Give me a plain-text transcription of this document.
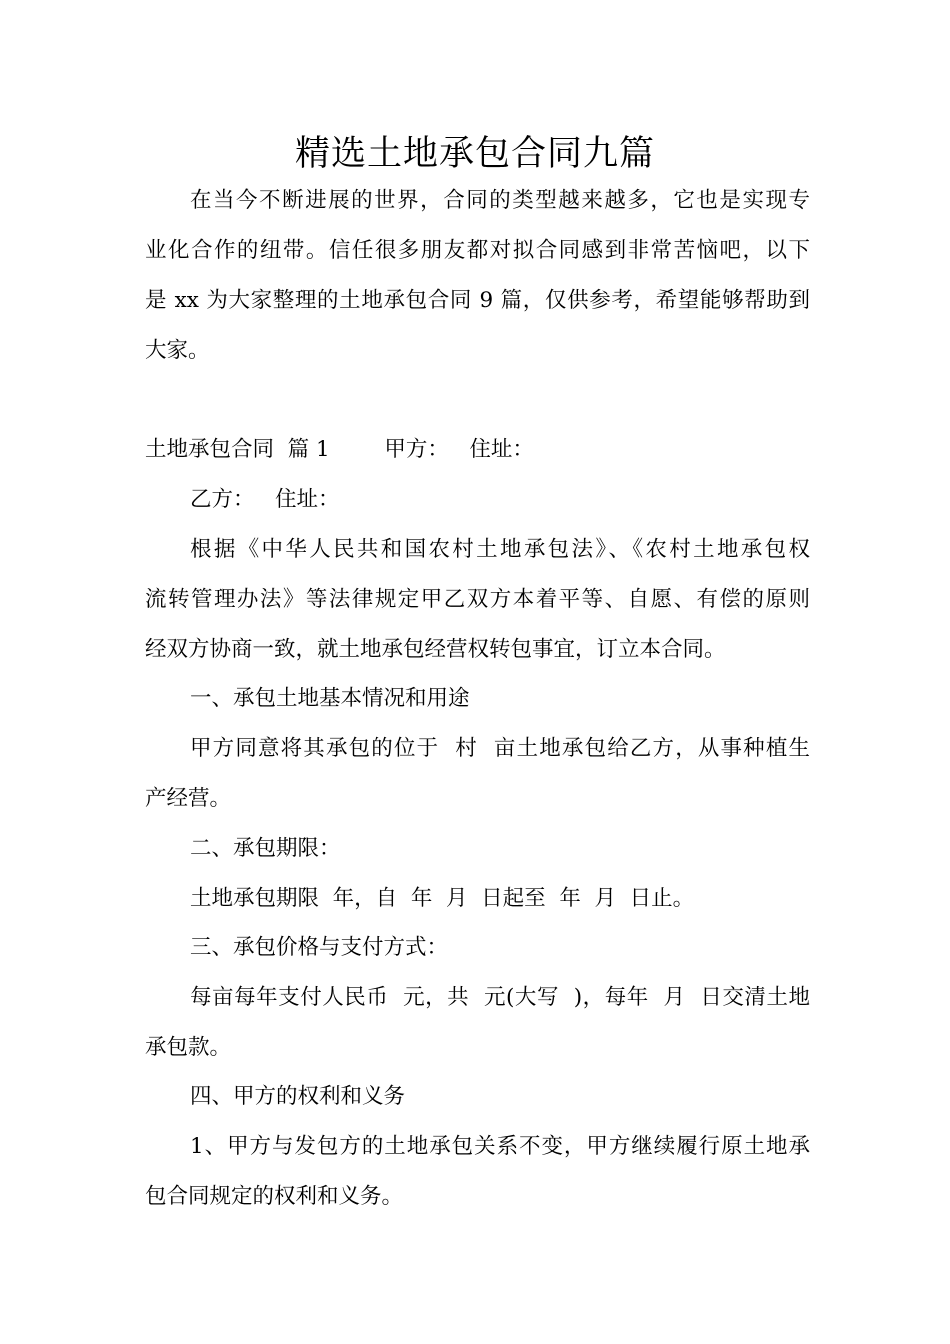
精选土地承包合同九篇

在当今不断进展的世界，合同的类型越来越多，它也是实现专

业化合作的纽带。信任很多朋友都对拟合同感到非常苦恼吧，以下

是 xx 为大家整理的土地承包合同 9 篇，仅供参考，希望能够帮助到

大家。

土地承包合同  篇 1        甲方：   住址：

乙方：   住址：

根据《中华人民共和国农村土地承包法》、《农村土地承包权

流转管理办法》等法律规定甲乙双方本着平等、自愿、有偿的原则

经双方协商一致，就土地承包经营权转包事宜，订立本合同。

一、承包土地基本情况和用途

甲方同意将其承包的位于  村  亩土地承包给乙方，从事种植生

产经营。

二、承包期限：

土地承包期限  年，自  年  月  日起至  年  月  日止。

三、承包价格与支付方式：

每亩每年支付人民币  元，共  元(大写  )，每年  月  日交清土地

承包款。

四、甲方的权利和义务

1、甲方与发包方的土地承包关系不变，甲方继续履行原土地承

包合同规定的权利和义务。
